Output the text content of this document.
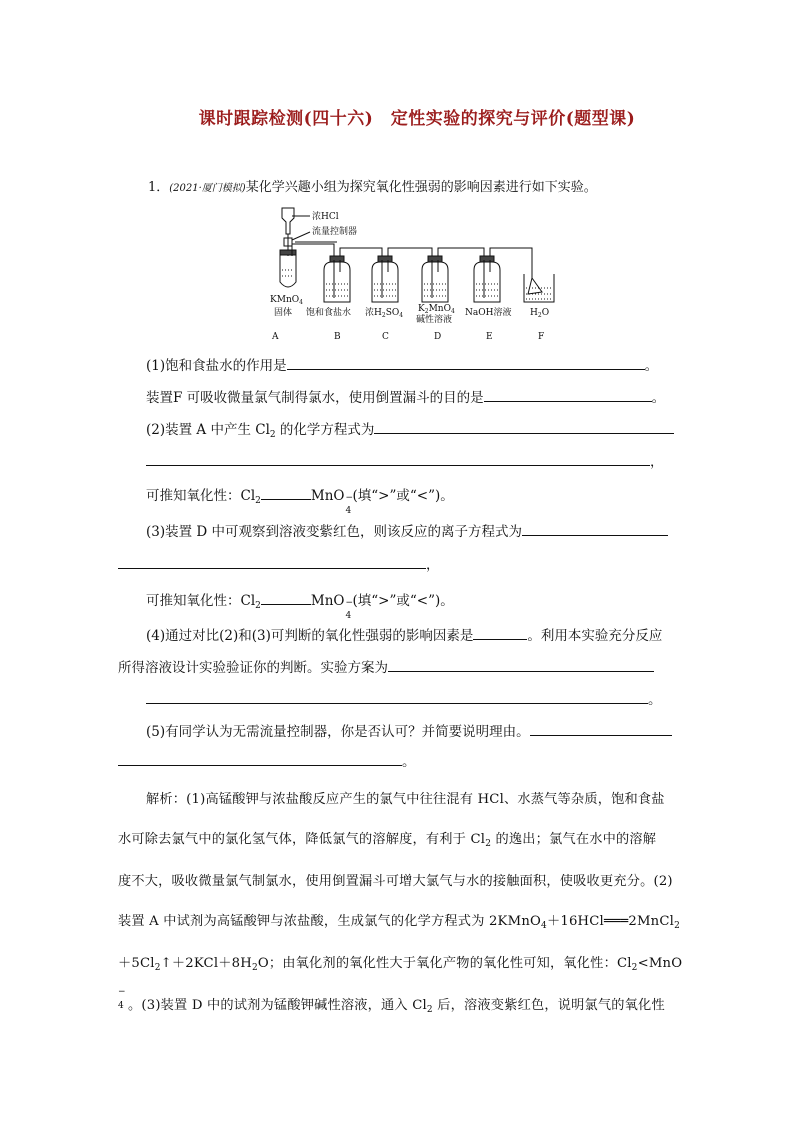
课时跟踪检测(四十六)　定性实验的探究与评价(题型课)
1．(2021·厦门模拟)某化学兴趣小组为探究氧化性强弱的影响因素进行如下实验。
浓HCl
流量控制器
KMnO$_4$
固体 饱和食盐水 浓$H_2SO_4$
$K_2MnO_4$
碱性溶液
NaOH溶液 $H_2O$
A	B	C	D	E	F
(1)饱和食盐水的作用是	。
装置F 可吸收微量氯气制得氯水，使用倒置漏斗的目的是	。
(2)装置 A 中产生 $Cl_2$ 的化学方程式为
，
可推知氧化性：$Cl_2$	MnO −
4
(填“>”或“<”)。
(3)装置 D 中可观察到溶液变紫红色，则该反应的离子方程式为
，
可推知氧化性：$Cl_2$	MnO −
4
(填“>”或“<”)。
(4)通过对比(2)和(3)可判断的氧化性强弱的影响因素是	。利用本实验充分反应
所得溶液设计实验验证你的判断。实验方案为
。
(5)有同学认为无需流量控制器，你是否认可？并简要说明理由。
。
解析：(1)高锰酸钾与浓盐酸反应产生的氯气中往往混有 HCl、水蒸气等杂质，饱和食盐
水可除去氯气中的氯化氢气体，降低氯气的溶解度，有利于 $Cl_2$ 的逸出；氯气在水中的溶解
度不大，吸收微量氯气制氯水，使用倒置漏斗可增大氯气与水的接触面积，使吸收更充分。(2)
装置 A 中试剂为高锰酸钾与浓盐酸，生成氯气的化学方程式为 2KMnO$_4$＋16HCl═══2MnCl$_2$
$+5Cl_2↑+2KCl+8H_2O$；由氧化剂的氧化性大于氧化产物的氧化性可知，氧化性：$Cl_2<MnO$
−
4 。(3)装置 D 中的试剂为锰酸钾碱性溶液，通入 $Cl_2$ 后，溶液变紫红色，说明氯气的氧化性
